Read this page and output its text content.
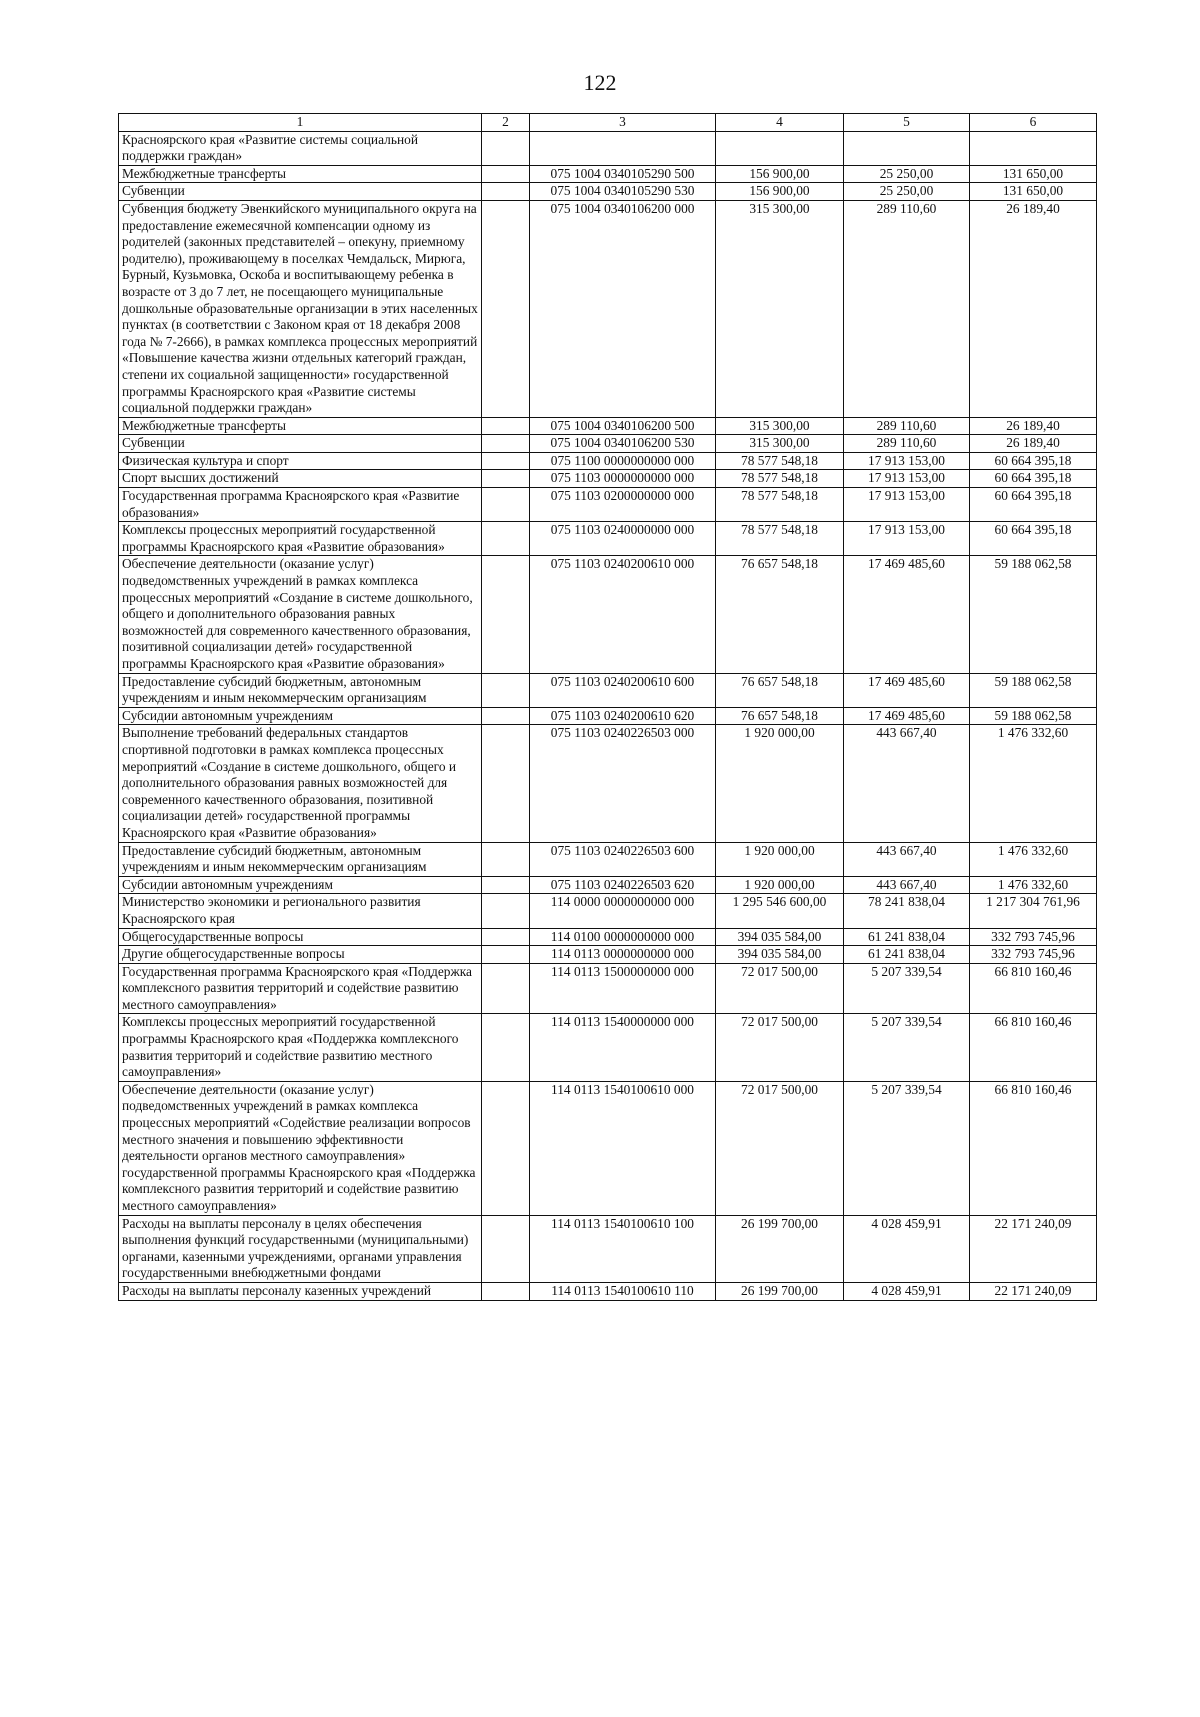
122
1	2	3	4	5	6
Красноярского края «Развитие системы социальной поддержки граждан»					
Межбюджетные трансферты		075 1004 0340105290 500	156 900,00	25 250,00	131 650,00
Субвенции		075 1004 0340105290 530	156 900,00	25 250,00	131 650,00
Субвенция бюджету Эвенкийского муниципального округа на предоставление ежемесячной компенсации одному из родителей (законных представителей – опекуну, приемному родителю), проживающему в поселках Чемдальск, Мирюга, Бурный, Кузьмовка, Оскоба и воспитывающему ребенка в возрасте от 3 до 7 лет, не посещающего муниципальные дошкольные образовательные организации в этих населенных пунктах (в соответствии с Законом края от 18 декабря 2008 года № 7-2666), в рамках комплекса процессных мероприятий «Повышение качества жизни отдельных категорий граждан, степени их социальной защищенности» государственной программы Красноярского края «Развитие системы социальной поддержки граждан»		075 1004 0340106200 000	315 300,00	289 110,60	26 189,40
Межбюджетные трансферты		075 1004 0340106200 500	315 300,00	289 110,60	26 189,40
Субвенции		075 1004 0340106200 530	315 300,00	289 110,60	26 189,40
Физическая культура и спорт		075 1100 0000000000 000	78 577 548,18	17 913 153,00	60 664 395,18
Спорт высших достижений		075 1103 0000000000 000	78 577 548,18	17 913 153,00	60 664 395,18
Государственная программа Красноярского края «Развитие образования»		075 1103 0200000000 000	78 577 548,18	17 913 153,00	60 664 395,18
Комплексы процессных мероприятий государственной программы Красноярского края «Развитие образования»		075 1103 0240000000 000	78 577 548,18	17 913 153,00	60 664 395,18
Обеспечение деятельности (оказание услуг) подведомственных учреждений в рамках комплекса процессных мероприятий «Создание в системе дошкольного, общего и дополнительного образования равных возможностей для современного качественного образования, позитивной социализации детей» государственной программы Красноярского края «Развитие образования»		075 1103 0240200610 000	76 657 548,18	17 469 485,60	59 188 062,58
Предоставление субсидий бюджетным, автономным учреждениям и иным некоммерческим организациям		075 1103 0240200610 600	76 657 548,18	17 469 485,60	59 188 062,58
Субсидии автономным учреждениям		075 1103 0240200610 620	76 657 548,18	17 469 485,60	59 188 062,58
Выполнение требований федеральных стандартов спортивной подготовки в рамках комплекса процессных мероприятий «Создание в системе дошкольного, общего и дополнительного образования равных возможностей для современного качественного образования, позитивной социализации детей» государственной программы Красноярского края «Развитие образования»		075 1103 0240226503 000	1 920 000,00	443 667,40	1 476 332,60
Предоставление субсидий бюджетным, автономным учреждениям и иным некоммерческим организациям		075 1103 0240226503 600	1 920 000,00	443 667,40	1 476 332,60
Субсидии автономным учреждениям		075 1103 0240226503 620	1 920 000,00	443 667,40	1 476 332,60
Министерство экономики и регионального развития Красноярского края		114 0000 0000000000 000	1 295 546 600,00	78 241 838,04	1 217 304 761,96
Общегосударственные вопросы		114 0100 0000000000 000	394 035 584,00	61 241 838,04	332 793 745,96
Другие общегосударственные вопросы		114 0113 0000000000 000	394 035 584,00	61 241 838,04	332 793 745,96
Государственная программа Красноярского края «Поддержка комплексного развития территорий и содействие развитию местного самоуправления»		114 0113 1500000000 000	72 017 500,00	5 207 339,54	66 810 160,46
Комплексы процессных мероприятий государственной программы Красноярского края «Поддержка комплексного развития территорий и содействие развитию местного самоуправления»		114 0113 1540000000 000	72 017 500,00	5 207 339,54	66 810 160,46
Обеспечение деятельности (оказание услуг) подведомственных учреждений в рамках комплекса процессных мероприятий «Содействие реализации вопросов местного значения и повышению эффективности деятельности органов местного самоуправления» государственной программы Красноярского края «Поддержка комплексного развития территорий и содействие развитию местного самоуправления»		114 0113 1540100610 000	72 017 500,00	5 207 339,54	66 810 160,46
Расходы на выплаты персоналу в целях обеспечения выполнения функций государственными (муниципальными) органами, казенными учреждениями, органами управления государственными внебюджетными фондами		114 0113 1540100610 100	26 199 700,00	4 028 459,91	22 171 240,09
Расходы на выплаты персоналу казенных учреждений		114 0113 1540100610 110	26 199 700,00	4 028 459,91	22 171 240,09
